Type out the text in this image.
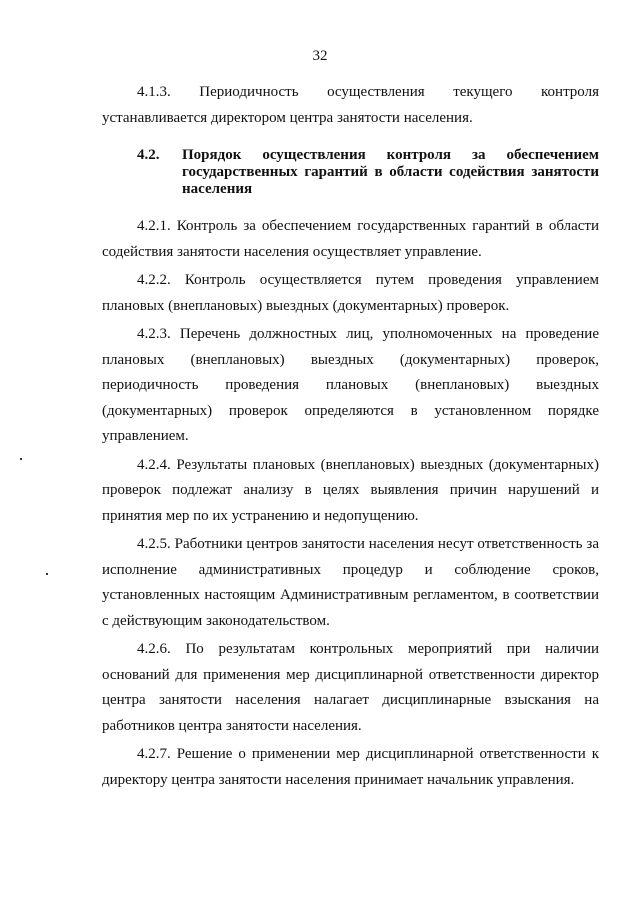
32

4.1.3. Периодичность осуществления текущего контроля устанавливается директором центра занятости населения.

4.2.	Порядок осуществления контроля за обеспечением государственных гарантий в области содействия занятости населения

4.2.1. Контроль за обеспечением государственных гарантий в области содействия занятости населения осуществляет управление.

4.2.2. Контроль осуществляется путем проведения управлением плановых (внеплановых) выездных (документарных) проверок.

4.2.3. Перечень должностных лиц, уполномоченных на проведение плановых (внеплановых) выездных (документарных) проверок, периодичность проведения плановых (внеплановых) выездных (документарных) проверок определяются в установленном порядке управлением.

4.2.4. Результаты плановых (внеплановых) выездных (документарных) проверок подлежат анализу в целях выявления причин нарушений и принятия мер по их устранению и недопущению.

4.2.5. Работники центров занятости населения несут ответственность за исполнение административных процедур и соблюдение сроков, установленных настоящим Административным регламентом, в соответствии с действующим законодательством.

4.2.6. По результатам контрольных мероприятий при наличии оснований для применения мер дисциплинарной ответственности директор центра занятости населения налагает дисциплинарные взыскания на работников центра занятости населения.

4.2.7. Решение о применении мер дисциплинарной ответственности к директору центра занятости населения принимает начальник управления.
